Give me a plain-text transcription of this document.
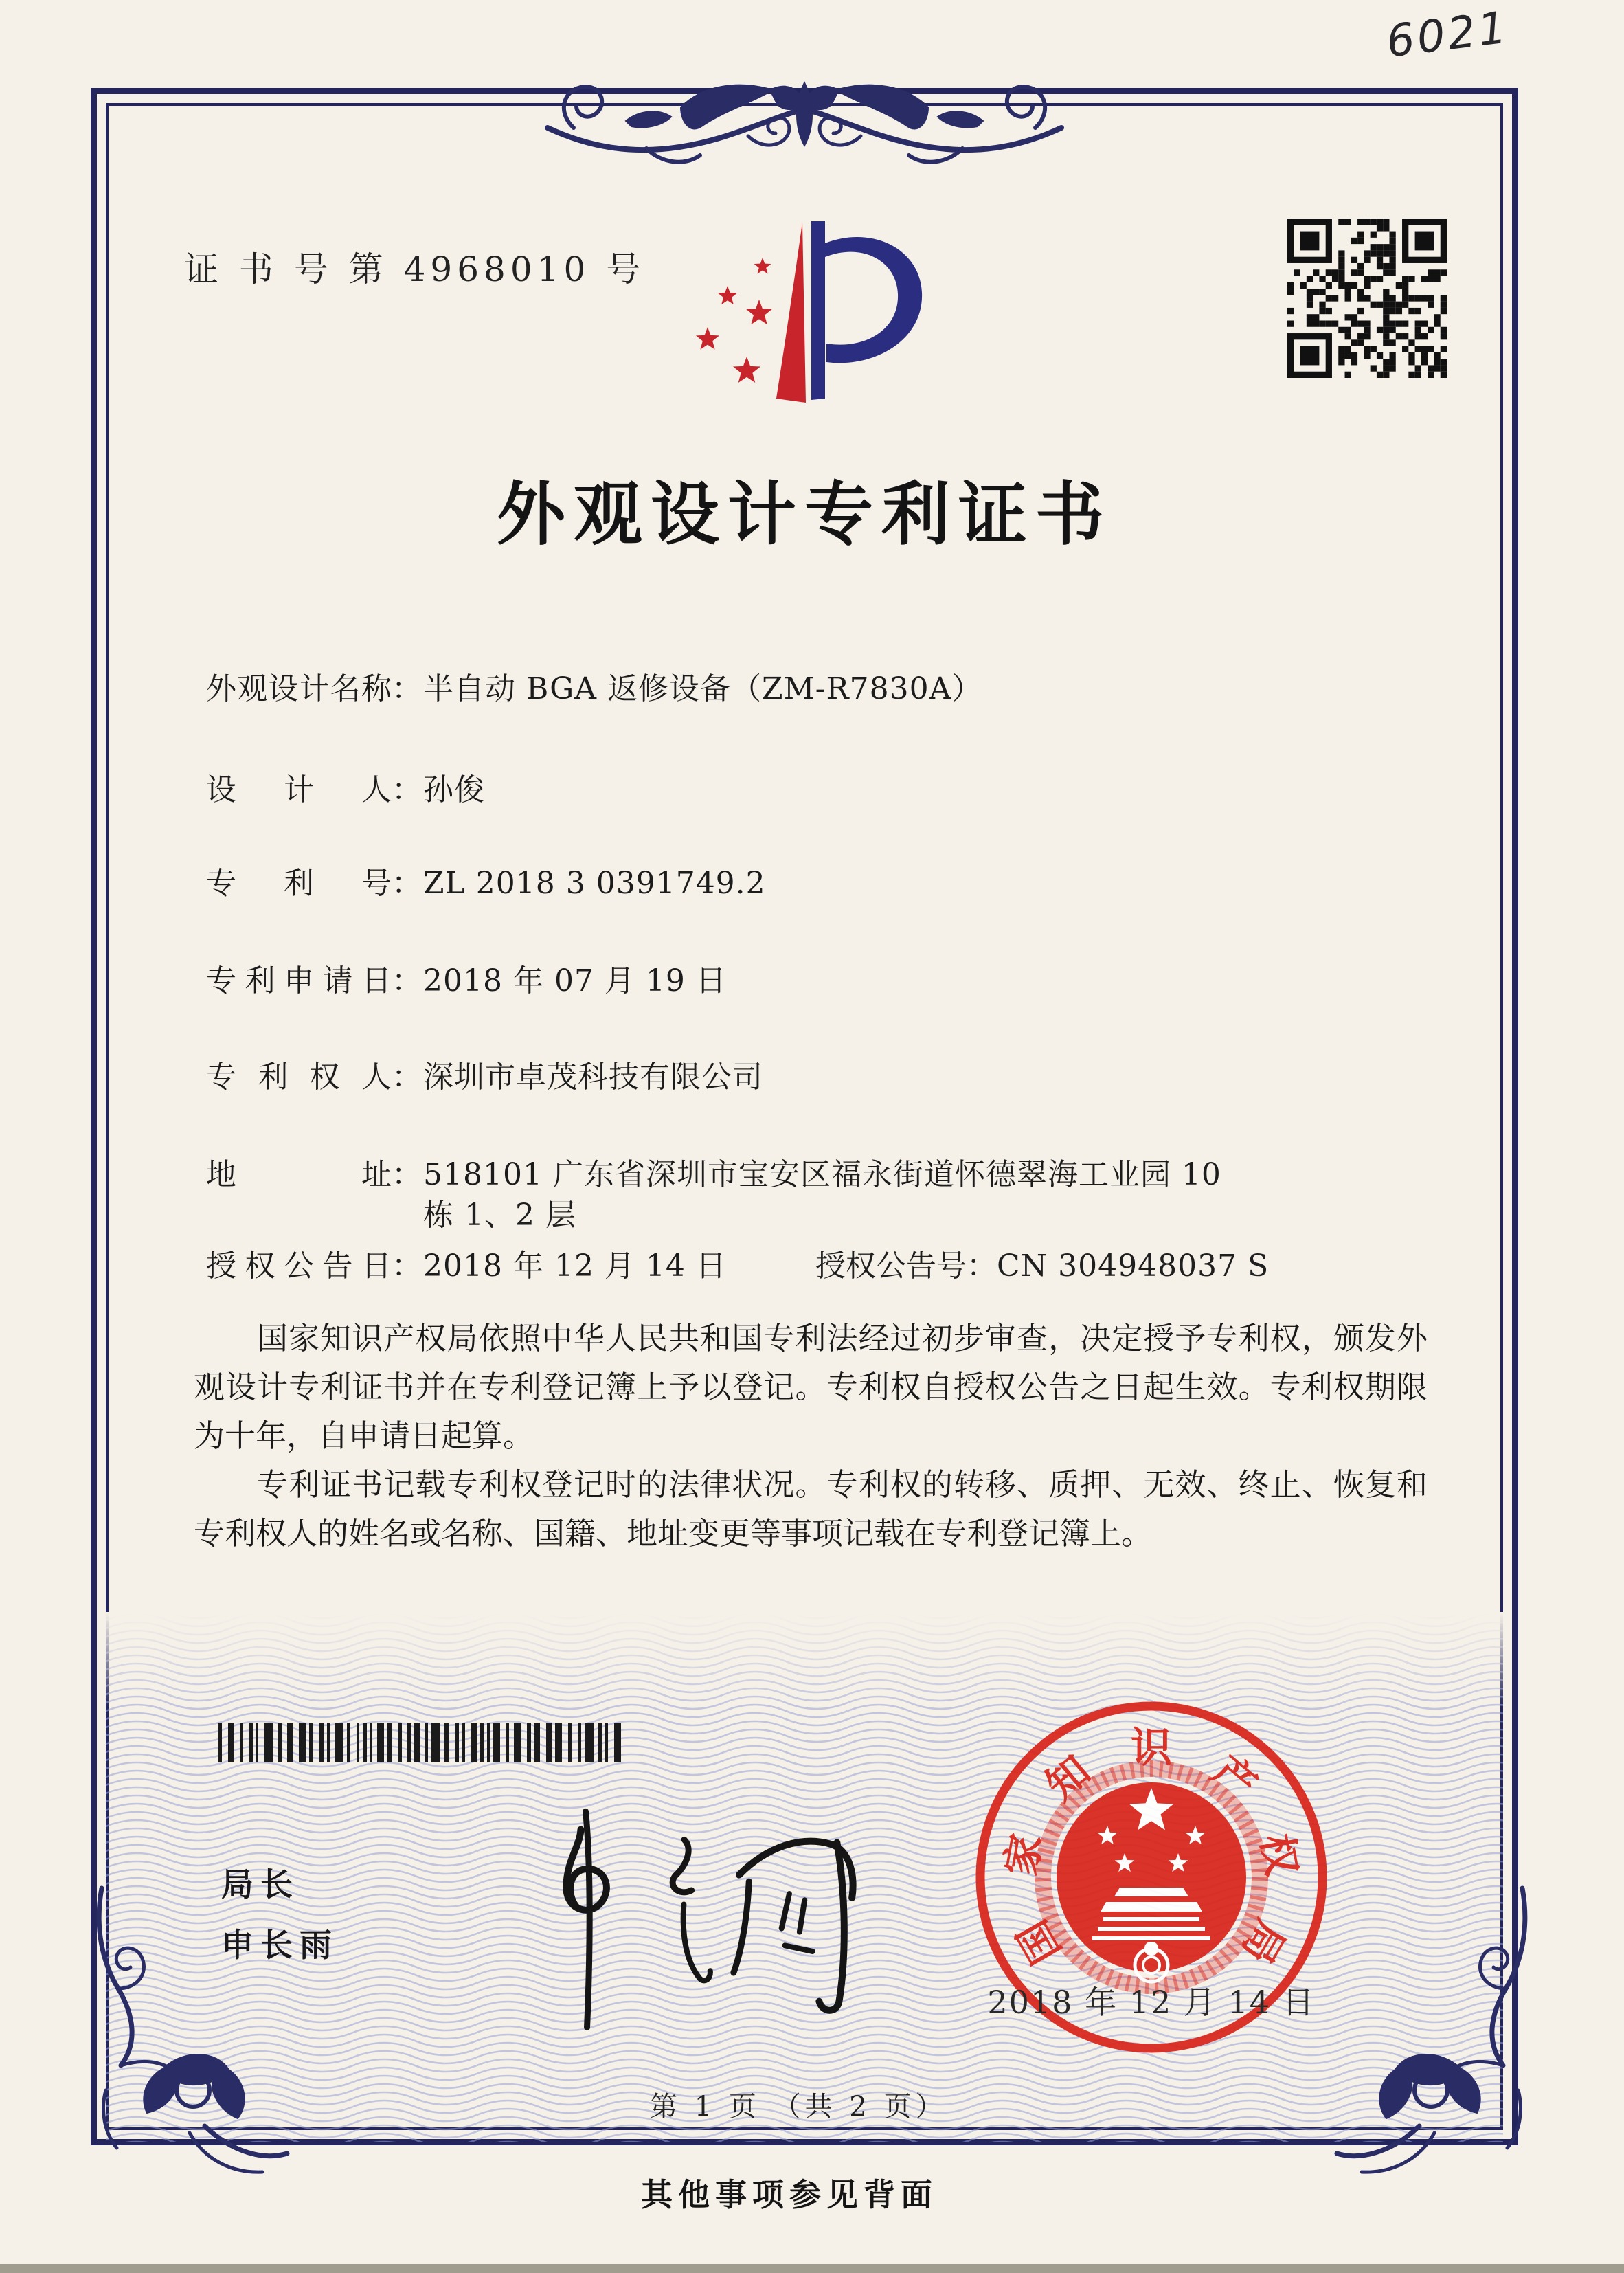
6021
证 书 号 第 4968010 号
外观设计专利证书
外观设计名称：半自动 BGA 返修设备（ZM-R7830A）
设计人：孙俊
专利号：ZL 2018 3 0391749.2
专利申请日：2018 年 07 月 19 日
专利权人：深圳市卓茂科技有限公司
地址：518101 广东省深圳市宝安区福永街道怀德翠海工业园 10
栋 1、2 层
授权公告日：2018 年 12 月 14 日	授权公告号：CN 304948037 S

国家知识产权局依照中华人民共和国专利法经过初步审查，决定授予专利权，颁发外观设计专利证书并在专利登记簿上予以登记。专利权自授权公告之日起生效。专利权期限为十年，自申请日起算。

专利证书记载专利权登记时的法律状况。专利权的转移、质押、无效、终止、恢复和专利权人的姓名或名称、国籍、地址变更等事项记载在专利登记簿上。

局长
申长雨	国
家
知 识 产
权
局
2018 年 12 月 14 日
第 1 页 （共 2 页）
其他事项参见背面
